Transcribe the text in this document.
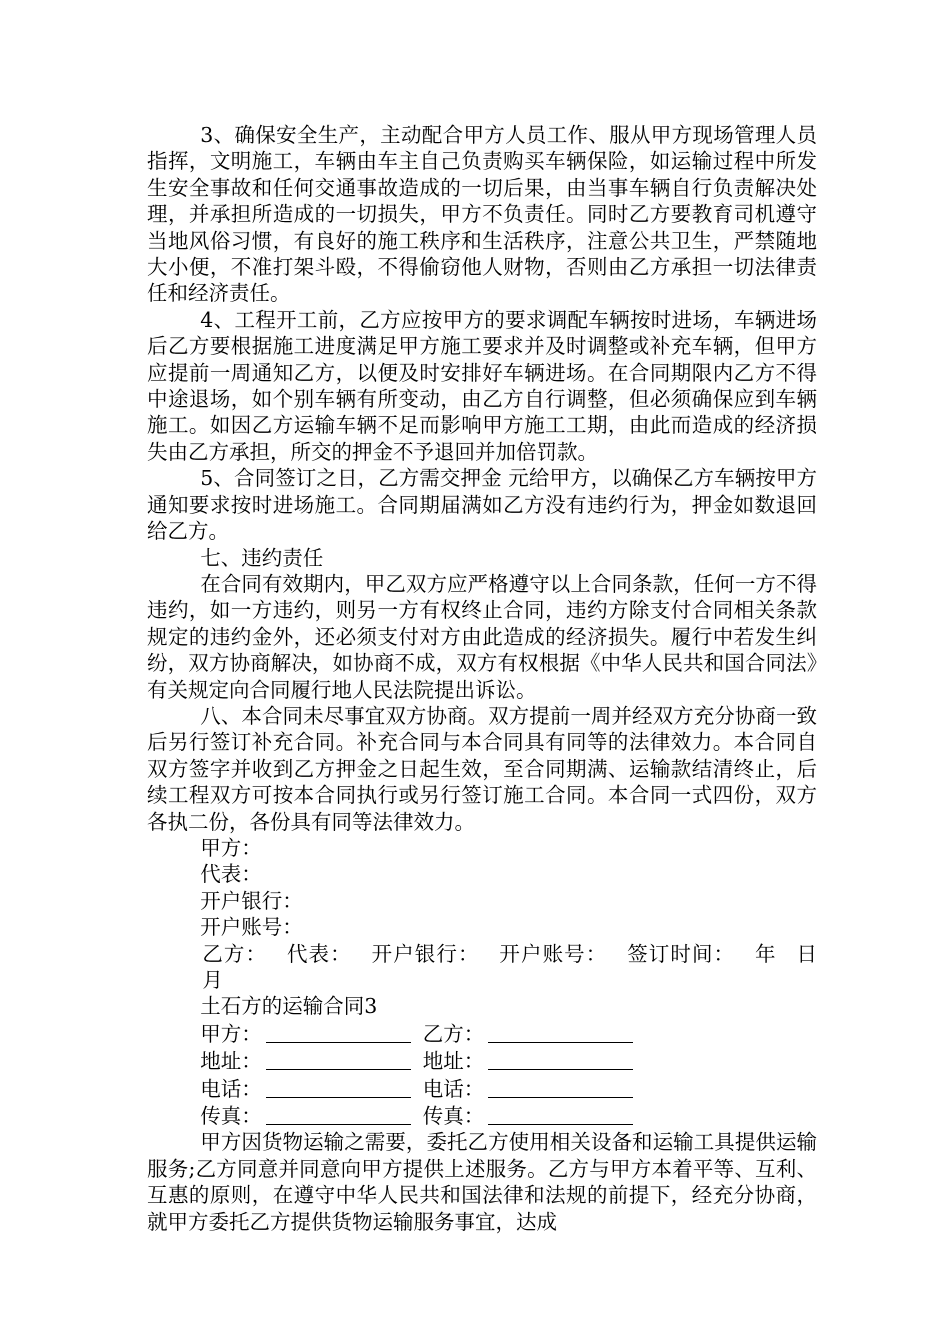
3、确保安全生产，主动配合甲方人员工作、服从甲方现场管理人员指挥，文明施工，车辆由车主自己负责购买车辆保险，如运输过程中所发生安全事故和任何交通事故造成的一切后果，由当事车辆自行负责解决处理，并承担所造成的一切损失，甲方不负责任。同时乙方要教育司机遵守当地风俗习惯，有良好的施工秩序和生活秩序，注意公共卫生，严禁随地大小便，不准打架斗殴，不得偷窃他人财物，否则由乙方承担一切法律责任和经济责任。

4、工程开工前，乙方应按甲方的要求调配车辆按时进场，车辆进场后乙方要根据施工进度满足甲方施工要求并及时调整或补充车辆，但甲方应提前一周通知乙方，以便及时安排好车辆进场。在合同期限内乙方不得中途退场，如个别车辆有所变动，由乙方自行调整，但必须确保应到车辆施工。如因乙方运输车辆不足而影响甲方施工工期，由此而造成的经济损失由乙方承担，所交的押金不予退回并加倍罚款。

5、合同签订之日，乙方需交押金 元给甲方，以确保乙方车辆按甲方通知要求按时进场施工。合同期届满如乙方没有违约行为，押金如数退回给乙方。

七、违约责任

在合同有效期内，甲乙双方应严格遵守以上合同条款，任何一方不得违约，如一方违约，则另一方有权终止合同，违约方除支付合同相关条款规定的违约金外，还必须支付对方由此造成的经济损失。履行中若发生纠纷，双方协商解决，如协商不成，双方有权根据《中华人民共和国合同法》有关规定向合同履行地人民法院提出诉讼。

八、本合同未尽事宜双方协商。双方提前一周并经双方充分协商一致后另行签订补充合同。补充合同与本合同具有同等的法律效力。本合同自双方签字并收到乙方押金之日起生效，至合同期满、运输款结清终止，后续工程双方可按本合同执行或另行签订施工合同。本合同一式四份，双方各执二份，各份具有同等法律效力。

甲方：

代表：

开户银行：

开户账号：

乙方： 代表： 开户银行： 开户账号： 签订时间： 年 日 月

土石方的运输合同3

甲方：	乙方：
地址：	地址：
电话：	电话：
传真：	传真：

甲方因货物运输之需要，委托乙方使用相关设备和运输工具提供运输服务;乙方同意并同意向甲方提供上述服务。乙方与甲方本着平等、互利、互惠的原则，在遵守中华人民共和国法律和法规的前提下，经充分协商，就甲方委托乙方提供货物运输服务事宜，达成
